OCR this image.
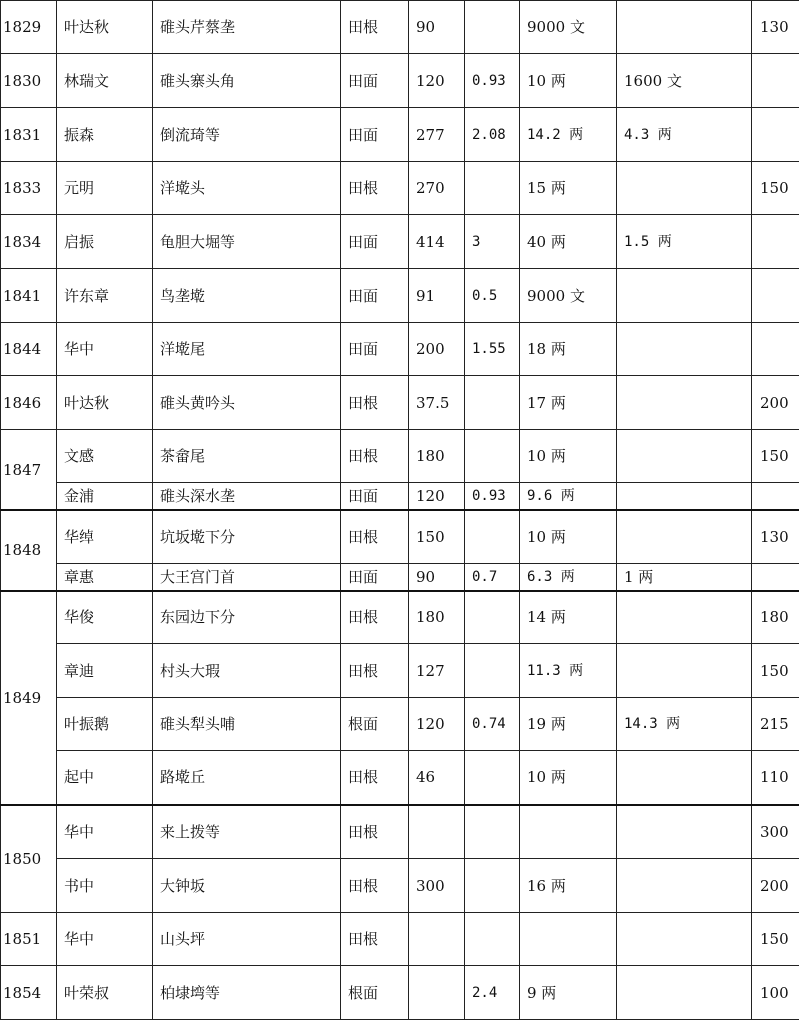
1829	叶达秋	碓头芹蔡垄	田根	90		9000 文		130
1830	林瑞文	碓头寨头角	田面	120	0.93	10 两	1600 文	
1831	振森	倒流琦等	田面	277	2.08	14.2 两	4.3 两	
1833	元明	洋墘头	田根	270		15 两		150
1834	启振	龟胆大堀等	田面	414	3	40 两	1.5 两	
1841	许东章	鸟垄墘	田面	91	0.5	9000 文		
1844	华中	洋墘尾	田面	200	1.55	18 两		
1846	叶达秋	碓头黄吟头	田根	37.5		17 两		200
1847	文感	茶畲尾	田根	180		10 两		150
	金浦	碓头深水垄	田面	120	0.93	9.6 两		
1848	华绰	坑坂墘下分	田根	150		10 两		130
	章惠	大王宫门首	田面	90	0.7	6.3 两	1 两	
1849	华俊	东园边下分	田根	180		14 两		180
	章迪	村头大瑕	田根	127		11.3 两		150
	叶振鹅	碓头犁头哺	根面	120	0.74	19 两	14.3 两	215
	起中	路墘丘	田根	46		10 两		110
1850	华中	来上拨等	田根					300
	书中	大钟坂	田根	300		16 两		200
1851	华中	山头坪	田根					150
1854	叶荣叔	柏埭塆等	根面		2.4	9 两		100
